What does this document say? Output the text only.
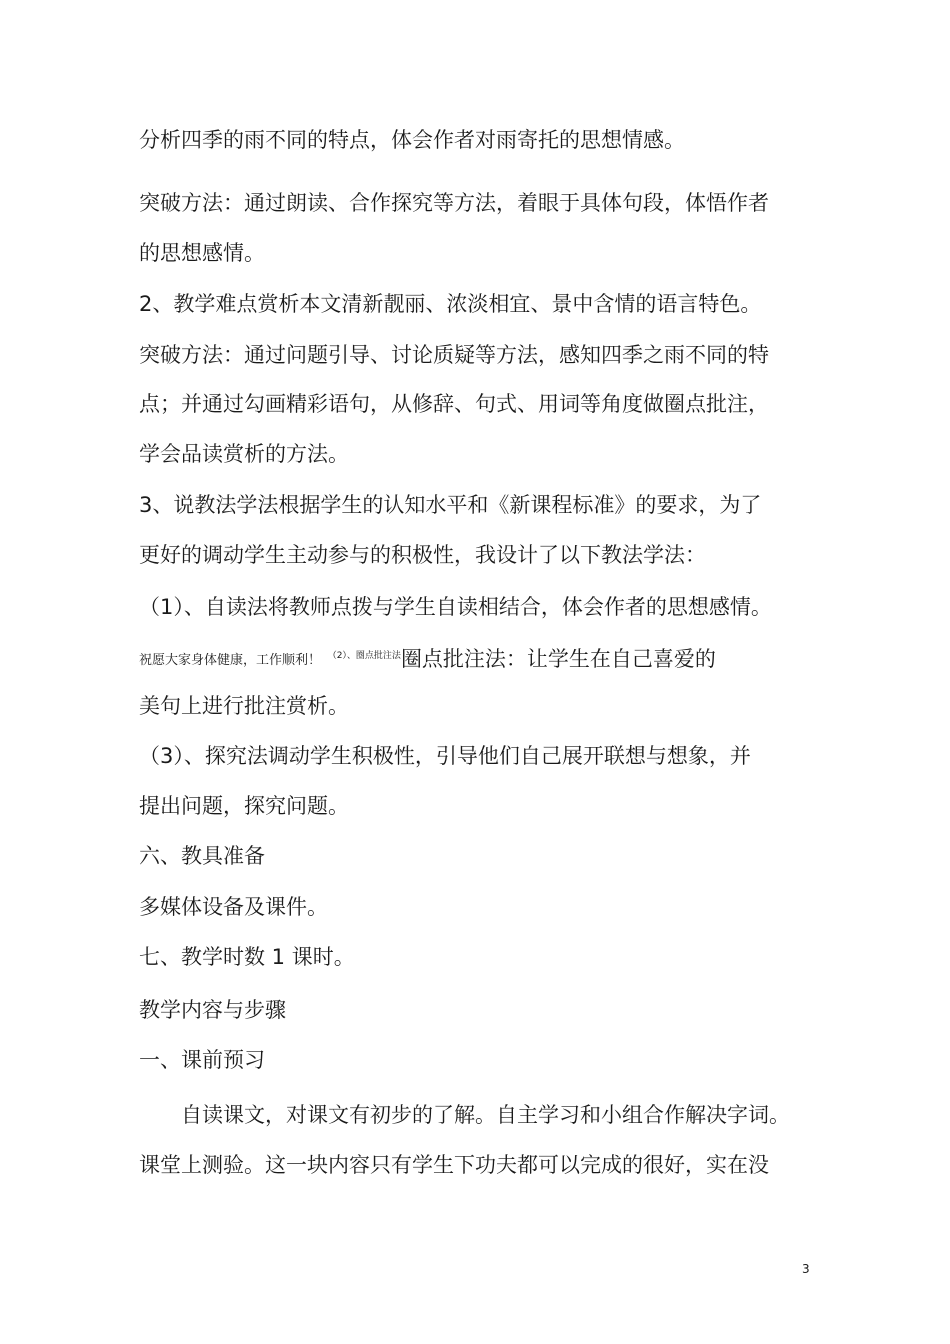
分析四季的雨不同的特点，体会作者对雨寄托的思想情感。
突破方法：通过朗读、合作探究等方法，着眼于具体句段，体悟作者
的思想感情。
2、教学难点赏析本文清新靓丽、浓淡相宜、景中含情的语言特色。
突破方法：通过问题引导、讨论质疑等方法，感知四季之雨不同的特
点；并通过勾画精彩语句，从修辞、句式、用词等角度做圈点批注，
学会品读赏析的方法。
3、说教法学法根据学生的认知水平和《新课程标准》的要求，为了
更好的调动学生主动参与的积极性，我设计了以下教法学法：
（1）、自读法将教师点拨与学生自读相结合，体会作者的思想感情。
祝愿大家身体健康，工作顺利！ $^{(2)、圈点批注法}$圈点批注法：让学生在自己喜爱的
美句上进行批注赏析。
（3）、探究法调动学生积极性，引导他们自己展开联想与想象，并
提出问题，探究问题。
六、教具准备
多媒体设备及课件。
七、教学时数 1 课时。
教学内容与步骤
一、课前预习
自读课文，对课文有初步的了解。自主学习和小组合作解决字词。
课堂上测验。这一块内容只有学生下功夫都可以完成的很好，实在没
3
